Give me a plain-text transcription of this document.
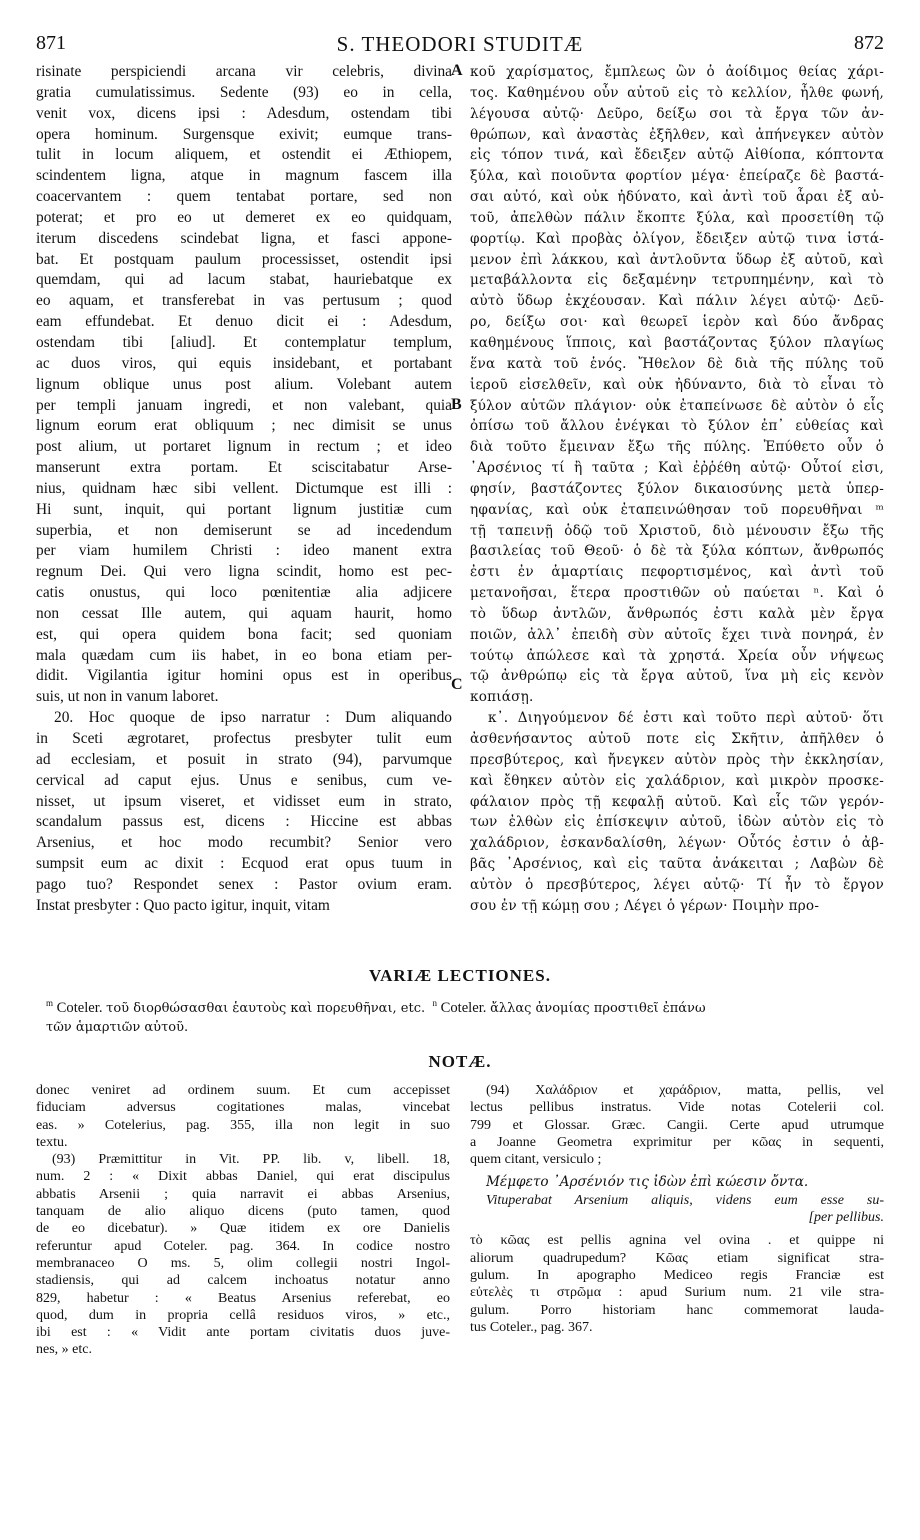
871	S. THEODORI STUDITÆ	872
risinate perspiciendi arcana vir celebris, divina
gratia cumulatissimus. Sedente (93) eo in cella,
venit vox, dicens ipsi : Adesdum, ostendam tibi
opera hominum. Surgensque exivit; eumque trans-
tulit in locum aliquem, et ostendit ei Æthiopem,
scindentem ligna, atque in magnum fascem illa
coacervantem : quem tentabat portare, sed non
poterat; et pro eo ut demeret ex eo quidquam,
iterum discedens scindebat ligna, et fasci appone-
bat. Et postquam paulum processisset, ostendit ipsi
quemdam, qui ad lacum stabat, hauriebatque ex
eo aquam, et transferebat in vas pertusum ; quod
eam effundebat. Et denuo dicit ei : Adesdum,
ostendam tibi [aliud]. Et contemplatur templum,
ac duos viros, qui equis insidebant, et portabant
lignum oblique unus post alium. Volebant autem
per templi januam ingredi, et non valebant, quia
lignum eorum erat obliquum ; nec dimisit se unus
post alium, ut portaret lignum in rectum ; et ideo
manserunt extra portam. Et sciscitabatur Arse-
nius, quidnam hæc sibi vellent. Dictumque est illi :
Hi sunt, inquit, qui portant lignum justitiæ cum
superbia, et non demiserunt se ad incedendum
per viam humilem Christi : ideo manent extra
regnum Dei. Qui vero ligna scindit, homo est pec-
catis onustus, qui loco pœnitentiæ alia adjicere
non cessat Ille autem, qui aquam haurit, homo
est, qui opera quidem bona facit; sed quoniam
mala quædam cum iis habet, in eo bona etiam per-
didit. Vigilantia igitur homini opus est in operibus
suis, ut non in vanum laboret.
20. Hoc quoque de ipso narratur : Dum aliquando
in Sceti ægrotaret, profectus presbyter tulit eum
ad ecclesiam, et posuit in strato (94), parvumque
cervical ad caput ejus. Unus e senibus, cum ve-
nisset, ut ipsum viseret, et vidisset eum in strato,
scandalum passus est, dicens : Hiccine est abbas
Arsenius, et hoc modo recumbit? Senior vero
sumpsit eum ac dixit : Ecquod erat opus tuum in
pago tuo? Respondet senex : Pastor ovium eram.
Instat presbyter : Quo pacto igitur, inquit, vitam
A
B
C
κοῦ χαρίσματος, ἔμπλεως ὢν ὁ ἀοίδιμος θείας χάρι-
τος. Καθημένου οὖν αὐτοῦ εἰς τὸ κελλίον, ἦλθε φωνή,
λέγουσα αὐτῷ· Δεῦρο, δείξω σοι τὰ ἔργα τῶν ἀν-
θρώπων, καὶ ἀναστὰς ἐξῆλθεν, καὶ ἀπήνεγκεν αὐτὸν
εἰς τόπον τινά, καὶ ἔδειξεν αὐτῷ Αἰθίοπα, κόπτοντα
ξύλα, καὶ ποιοῦντα φορτίον μέγα· ἐπείραζε δὲ βαστά-
σαι αὐτό, καὶ οὐκ ἠδύνατο, καὶ ἀντὶ τοῦ ἆραι ἐξ αὐ-
τοῦ, ἀπελθὼν πάλιν ἔκοπτε ξύλα, καὶ προσετίθη τῷ
φορτίῳ. Καὶ προβὰς ὀλίγον, ἔδειξεν αὐτῷ τινα ἱστά-
μενον ἐπὶ λάκκου, καὶ ἀντλοῦντα ὕδωρ ἐξ αὐτοῦ, καὶ
μεταβάλλοντα εἰς δεξαμένην τετρυπημένην, καὶ τὸ
αὐτὸ ὕδωρ ἐκχέουσαν. Καὶ πάλιν λέγει αὐτῷ· Δεῦ-
ρο, δείξω σοι· καὶ θεωρεῖ ἱερὸν καὶ δύο ἄνδρας
καθημένους ἵπποις, καὶ βαστάζοντας ξύλον πλαγίως
ἕνα κατὰ τοῦ ἑνός. Ἤθελον δὲ διὰ τῆς πύλης τοῦ
ἱεροῦ εἰσελθεῖν, καὶ οὐκ ἠδύναντο, διὰ τὸ εἶναι τὸ
ξύλον αὐτῶν πλάγιον· οὐκ ἐταπείνωσε δὲ αὐτὸν ὁ εἷς
ὀπίσω τοῦ ἄλλου ἐνέγκαι τὸ ξύλον ἐπ᾽ εὐθείας καὶ
διὰ τοῦτο ἔμειναν ἔξω τῆς πύλης. Ἐπύθετο οὖν ὁ
᾽Αρσένιος τί ἢ ταῦτα ; Καὶ ἐῤῥέθη αὐτῷ· Οὗτοί εἰσι,
φησίν, βαστάζοντες ξύλον δικαιοσύνης μετὰ ὑπερ-
ηφανίας, καὶ οὐκ ἐταπεινώθησαν τοῦ πορευθῆναι ᵐ
τῇ ταπεινῇ ὁδῷ τοῦ Χριστοῦ, διὸ μένουσιν ἔξω τῆς
βασιλείας τοῦ Θεοῦ· ὁ δὲ τὰ ξύλα κόπτων, ἄνθρωπός
ἐστι ἐν ἁμαρτίαις πεφορτισμένος, καὶ ἀντὶ τοῦ
μετανοῆσαι, ἕτερα προστιθῶν οὐ παύεται ⁿ. Καὶ ὁ
τὸ ὕδωρ ἀντλῶν, ἄνθρωπός ἐστι καλὰ μὲν ἔργα
ποιῶν, ἀλλ᾽ ἐπειδὴ σὺν αὐτοῖς ἔχει τινὰ πονηρά, ἐν
τούτῳ ἀπώλεσε καὶ τὰ χρηστά. Χρεία οὖν νήψεως
τῷ ἀνθρώπῳ εἰς τὰ ἔργα αὐτοῦ, ἵνα μὴ εἰς κενὸν
κοπιάσῃ.
κ᾽. Διηγούμενον δέ ἐστι καὶ τοῦτο περὶ αὐτοῦ· ὅτι
ἀσθενήσαντος αὐτοῦ ποτε εἰς Σκῆτιν, ἀπῆλθεν ὁ
πρεσβύτερος, καὶ ἤνεγκεν αὐτὸν πρὸς τὴν ἐκκλησίαν,
καὶ ἔθηκεν αὐτὸν εἰς χαλάδριον, καὶ μικρὸν προσκε-
φάλαιον πρὸς τῇ κεφαλῇ αὐτοῦ. Καὶ εἷς τῶν γερόν-
των ἐλθὼν εἰς ἐπίσκεψιν αὐτοῦ, ἰδὼν αὐτὸν εἰς τὸ
χαλάδριον, ἐσκανδαλίσθη, λέγων· Οὗτός ἐστιν ὁ ἀβ-
βᾶς ᾽Αρσένιος, καὶ εἰς ταῦτα ἀνάκειται ; Λαβὼν δὲ
αὐτὸν ὁ πρεσβύτερος, λέγει αὐτῷ· Τί ἦν τὸ ἔργον
σου ἐν τῇ κώμῃ σου ; Λέγει ὁ γέρων· Ποιμὴν προ-
VARIÆ LECTIONES.
$^m$ Coteler. τοῦ διορθώσασθαι ἑαυτοὺς καὶ πορευθῆναι, etc. $^n$ Coteler. ἄλλας ἀνομίας προστιθεῖ ἐπάνω
τῶν ἁμαρτιῶν αὐτοῦ.
NOTÆ.
donec veniret ad ordinem suum. Et cum accepisset
fiduciam adversus cogitationes malas, vincebat
eas. » Cotelerius, pag. 355, illa non legit in suo
textu.
(93) Præmittitur in Vit. PP. lib. v, libell. 18,
num. 2 : « Dixit abbas Daniel, qui erat discipulus
abbatis Arsenii ; quia narravit ei abbas Arsenius,
tanquam de alio aliquo dicens (puto tamen, quod
de eo dicebatur). » Quæ itidem ex ore Danielis
referuntur apud Coteler. pag. 364. In codice nostro
membranaceo O ms. 5, olim collegii nostri Ingol-
stadiensis, qui ad calcem inchoatus notatur anno
829, habetur : « Beatus Arsenius referebat, eo
quod, dum in propria cellâ residuos viros, » etc.,
ibi est : « Vidit ante portam civitatis duos juve-
nes, » etc.
(94) Χαλάδριον et χαράδριον, matta, pellis, vel
lectus pellibus instratus. Vide notas Cotelerii col.
799 et Glossar. Græc. Cangii. Certe apud utrumque
a Joanne Geometra exprimitur per κῶας in sequenti,
quem citant, versiculo ;
Μέμφετο ᾽Αρσένιόν τις ἰδὼν ἐπὶ κώεσιν ὄντα.
Vituperabat Arsenium aliquis, videns eum esse su-
[per pellibus.
τὸ κῶας est pellis agnina vel ovina . et quippe ni
aliorum quadrupedum? Κῶας etiam significat stra-
gulum. In apographo Mediceo regis Franciæ est
εὐτελὲς τι στρῶμα : apud Surium num. 21 vile stra-
gulum. Porro historiam hanc commemorat lauda-
tus Coteler., pag. 367.
